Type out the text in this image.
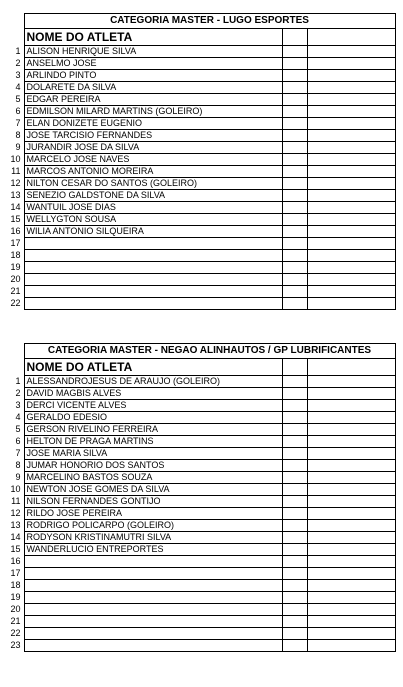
	CATEGORIA MASTER - LUGO ESPORTES		
	NOME DO ATLETA		
1	ALISON HENRIQUE SILVA		
2	ANSELMO JOSE		
3	ARLINDO PINTO		
4	DOLARETE DA SILVA		
5	EDGAR PEREIRA		
6	EDMILSON MILARD MARTINS (GOLEIRO)		
7	ELAN DONIZETE EUGENIO		
8	JOSE TARCISIO FERNANDES		
9	JURANDIR JOSE DA SILVA		
10	MARCELO JOSE NAVES		
11	MARCOS ANTONIO MOREIRA		
12	NILTON CESAR DO SANTOS (GOLEIRO)		
13	SENEZIO GALDSTONE DA SILVA		
14	WANTUIL JOSE DIAS		
15	WELLYGTON SOUSA		
16	WILIA ANTONIO SILQUEIRA		
17			
18			
19			
20			
21			
22			
	CATEGORIA MASTER - NEGAO ALINHAUTOS / GP LUBRIFICANTES		
	NOME DO ATLETA		
1	ALESSANDROJESUS DE ARAUJO (GOLEIRO)		
2	DAVID MAGBIS ALVES		
3	DERCI VICENTE ALVES		
4	GERALDO EDESIO		
5	GERSON RIVELINO FERREIRA		
6	HELTON DE PRAGA MARTINS		
7	JOSE MARIA SILVA		
8	JUMAR HONORIO DOS SANTOS		
9	MARCELINO BASTOS SOUZA		
10	NEWTON JOSE GOMES DA SILVA		
11	NILSON FERNANDES GONTIJO		
12	RILDO JOSE PEREIRA		
13	RODRIGO POLICARPO (GOLEIRO)		
14	RODYSON KRISTINAMUTRI SILVA		
15	WANDERLUCIO ENTREPORTES		
16			
17			
18			
19			
20			
21			
22			
23			
